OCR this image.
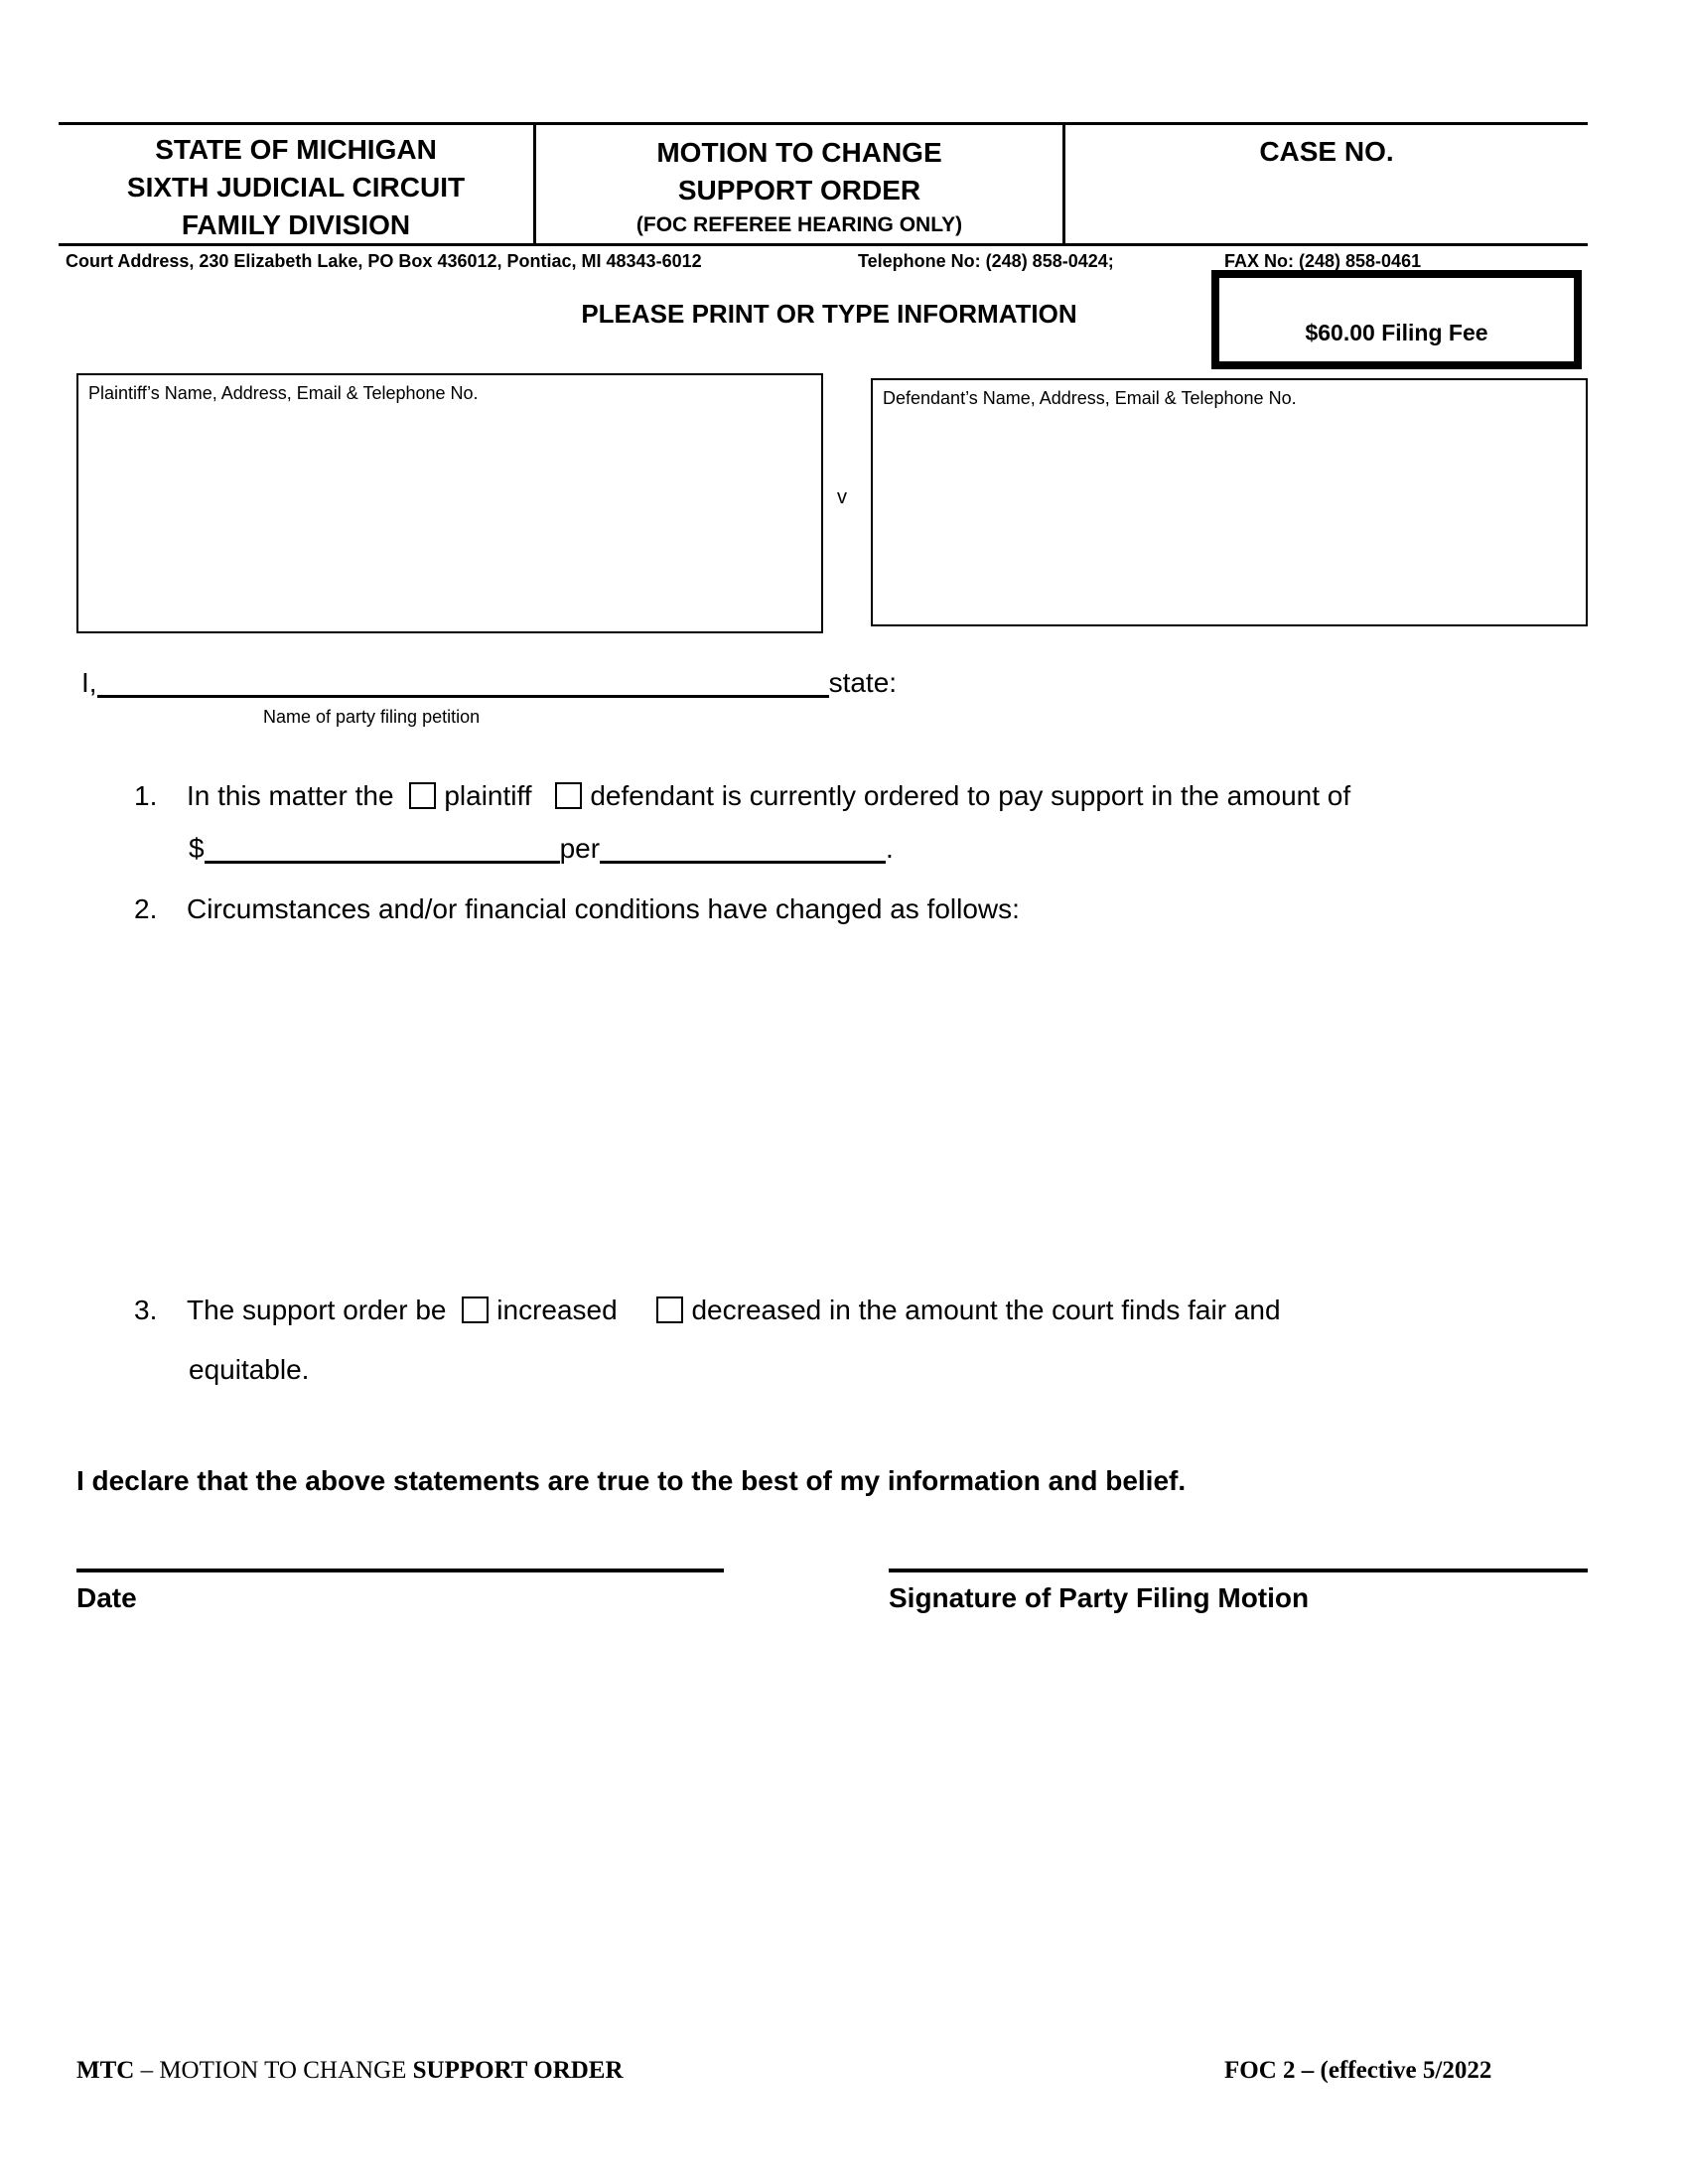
STATE OF MICHIGAN
SIXTH JUDICIAL CIRCUIT
FAMILY DIVISION
MOTION TO CHANGE
SUPPORT ORDER
(FOC REFEREE HEARING ONLY)
CASE NO.
Court Address, 230 Elizabeth Lake, PO Box 436012, Pontiac, MI 48343-6012	Telephone No: (248) 858-0424;	FAX No: (248) 858-0461
PLEASE PRINT OR TYPE INFORMATION
$60.00 Filing Fee
Plaintiff’s Name, Address, Email & Telephone No.
v
Defendant’s Name, Address, Email & Telephone No.
I,	state:
Name of party filing petition
1. In this matter the plaintiff defendant is currently ordered to pay support in the amount of
$	per	.
2. Circumstances and/or financial conditions have changed as follows:
3. The support order be increased	decreased in the amount the court finds fair and
equitable.
I declare that the above statements are true to the best of my information and belief.
Date	Signature of Party Filing Motion
MTC – MOTION TO CHANGE SUPPORT ORDER	FOC 2 – (effective 5/2022
